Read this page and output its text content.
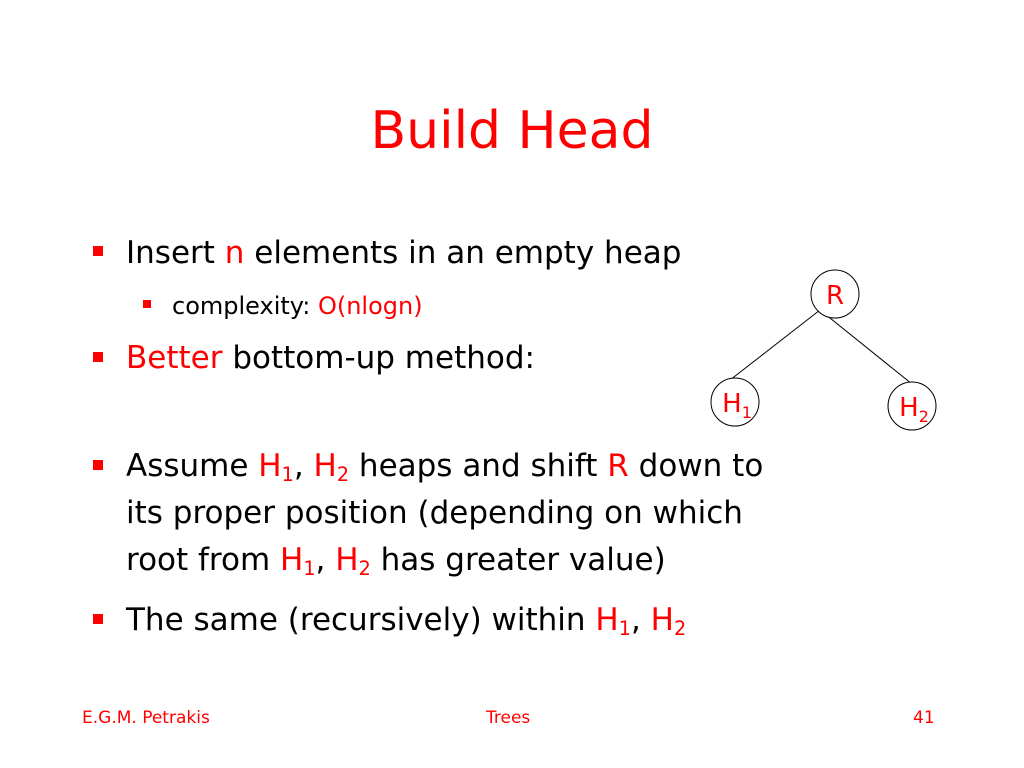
Build Head
Insert n elements in an empty heap
complexity: O(nlogn)
Better bottom-up method:
Assume $H_1$, $H_2$ heaps and shift R down to
its proper position (depending on which
root from $H_1$, $H_2$ has greater value)
The same (recursively) within $H_1$, $H_2$
R
$H_1$	$H_2$
E.G.M. Petrakis	Trees	41
